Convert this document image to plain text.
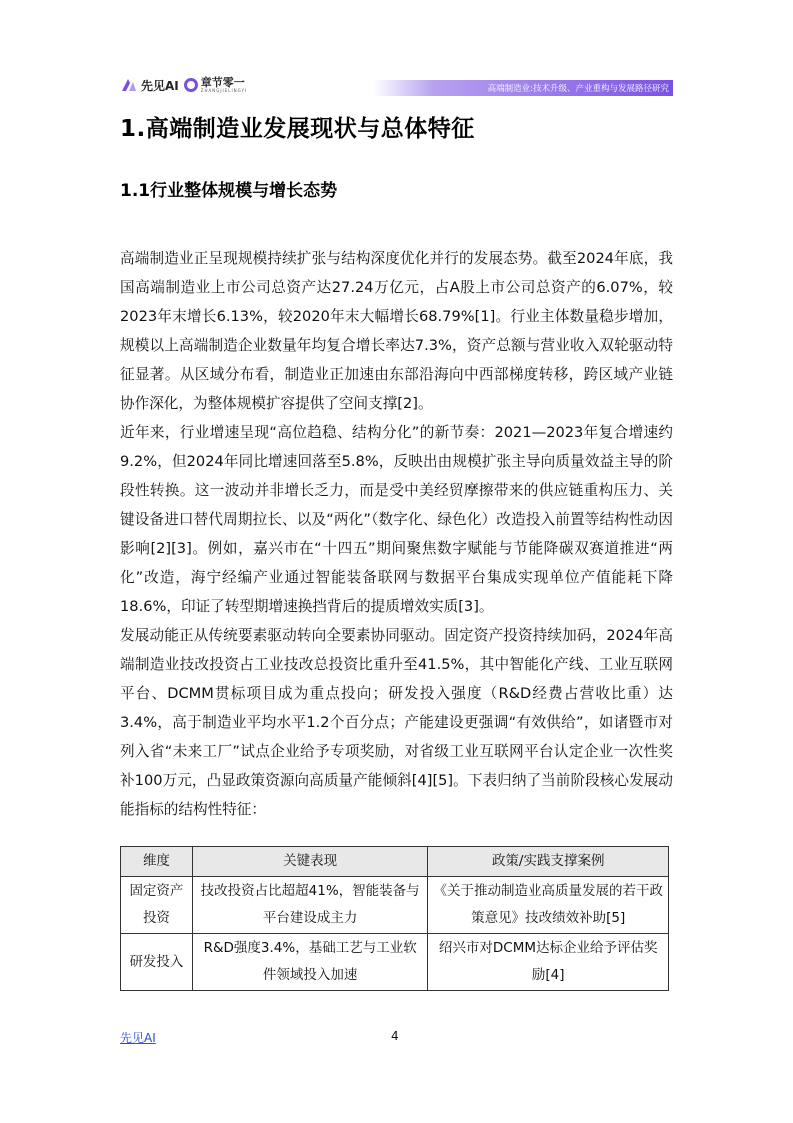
先见AI 章节零一
ZHANGJIELINGYI	高端制造业:技术升级、产业重构与发展路径研究
1.高端制造业发展现状与总体特征
1.1行业整体规模与增长态势

高端制造业正呈现规模持续扩张与结构深度优化并行的发展态势。截至2024年底，我国高端制造业上市公司总资产达27.24万亿元，占A股上市公司总资产的6.07%，较2023年末增长6.13%，较2020年末大幅增长68.79%[1]。行业主体数量稳步增加，规模以上高端制造企业数量年均复合增长率达7.3%，资产总额与营业收入双轮驱动特征显著。从区域分布看，制造业正加速由东部沿海向中西部梯度转移，跨区域产业链协作深化，为整体规模扩容提供了空间支撑[2]。

近年来，行业增速呈现“高位趋稳、结构分化”的新节奏：2021—2023年复合增速约9.2%，但2024年同比增速回落至5.8%，反映出由规模扩张主导向质量效益主导的阶段性转换。这一波动并非增长乏力，而是受中美经贸摩擦带来的供应链重构压力、关键设备进口替代周期拉长、以及“两化”（数字化、绿色化）改造投入前置等结构性动因影响[2][3]。例如，嘉兴市在“十四五”期间聚焦数字赋能与节能降碳双赛道推进“两化”改造，海宁经编产业通过智能装备联网与数据平台集成实现单位产值能耗下降18.6%，印证了转型期增速换挡背后的提质增效实质[3]。

发展动能正从传统要素驱动转向全要素协同驱动。固定资产投资持续加码，2024年高端制造业技改投资占工业技改总投资比重升至41.5%，其中智能化产线、工业互联网平台、DCMM贯标项目成为重点投向；研发投入强度（R&D经费占营收比重）达3.4%，高于制造业平均水平1.2个百分点；产能建设更强调“有效供给”，如诸暨市对列入省“未来工厂”试点企业给予专项奖励，对省级工业互联网平台认定企业一次性奖补100万元，凸显政策资源向高质量产能倾斜[4][5]。下表归纳了当前阶段核心发展动能指标的结构性特征：

维度	关键表现	政策/实践支撑案例
固定资产投资	技改投资占比超超41%，智能装备与平台建设成主力	《关于推动制造业高质量发展的若干政策意见》技改绩效补助[5]
研发投入	R&D强度3.4%，基础工艺与工业软件领域投入加速	绍兴市对DCMM达标企业给予评估奖励[4]
先见AI	4
